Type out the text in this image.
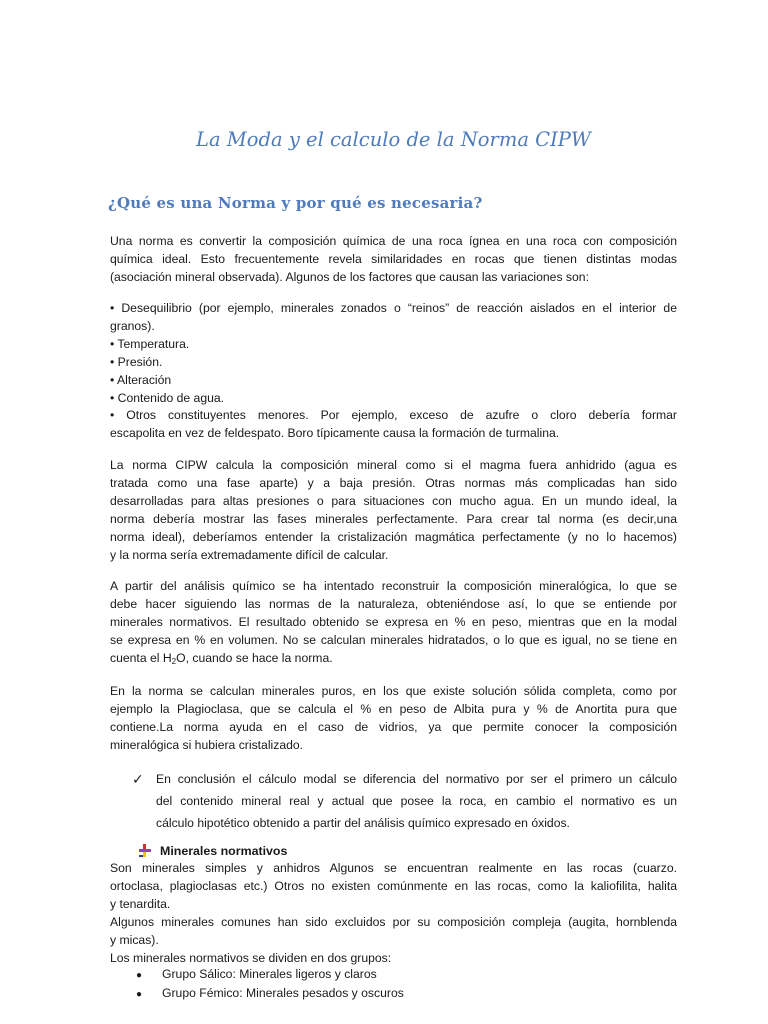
La Moda y el calculo de la Norma CIPW
¿Qué es una Norma y por qué es necesaria?
Una norma es convertir la composición química de una roca ígnea en una roca con composición
química ideal. Esto frecuentemente revela similaridades en rocas que tienen distintas modas
(asociación mineral observada). Algunos de los factores que causan las variaciones son:
• Desequilibrio (por ejemplo, minerales zonados o “reinos” de reacción aislados en el interior de
granos).
• Temperatura.
• Presión.
• Alteración
• Contenido de agua.
• Otros constituyentes menores. Por ejemplo, exceso de azufre o cloro debería formar
escapolita en vez de feldespato. Boro típicamente causa la formación de turmalina.
La norma CIPW calcula la composición mineral como si el magma fuera anhidrido (agua es
tratada como una fase aparte) y a baja presión. Otras normas más complicadas han sido
desarrolladas para altas presiones o para situaciones con mucho agua. En un mundo ideal, la
norma debería mostrar las fases minerales perfectamente. Para crear tal norma (es decir,una
norma ideal), deberíamos entender la cristalización magmática perfectamente (y no lo hacemos)
y la norma sería extremadamente difícil de calcular.
A partir del análisis químico se ha intentado reconstruir la composición mineralógica, lo que se
debe hacer siguiendo las normas de la naturaleza, obteniéndose así, lo que se entiende por
minerales normativos. El resultado obtenido se expresa en % en peso, mientras que en la modal
se expresa en % en volumen. No se calculan minerales hidratados, o lo que es igual, no se tiene en
cuenta el $H_2O$, cuando se hace la norma.
En la norma se calculan minerales puros, en los que existe solución sólida completa, como por
ejemplo la Plagioclasa, que se calcula el % en peso de Albita pura y % de Anortita pura que
contiene.La norma ayuda en el caso de vidrios, ya que permite conocer la composición
mineralógica si hubiera cristalizado.
✓ En conclusión el cálculo modal se diferencia del normativo por ser el primero un cálculo
del contenido mineral real y actual que posee la roca, en cambio el normativo es un
cálculo hipotético obtenido a partir del análisis químico expresado en óxidos.
Minerales normativos
Son minerales simples y anhidros Algunos se encuentran realmente en las rocas (cuarzo.
ortoclasa, plagioclasas etc.) Otros no existen comúnmente en las rocas, como la kaliofilita, halita
y tenardita.
Algunos minerales comunes han sido excluidos por su composición compleja (augita, hornblenda
y micas).
Los minerales normativos se dividen en dos grupos:
● Grupo Sálico: Minerales ligeros y claros
● Grupo Fémico: Minerales pesados y oscuros
